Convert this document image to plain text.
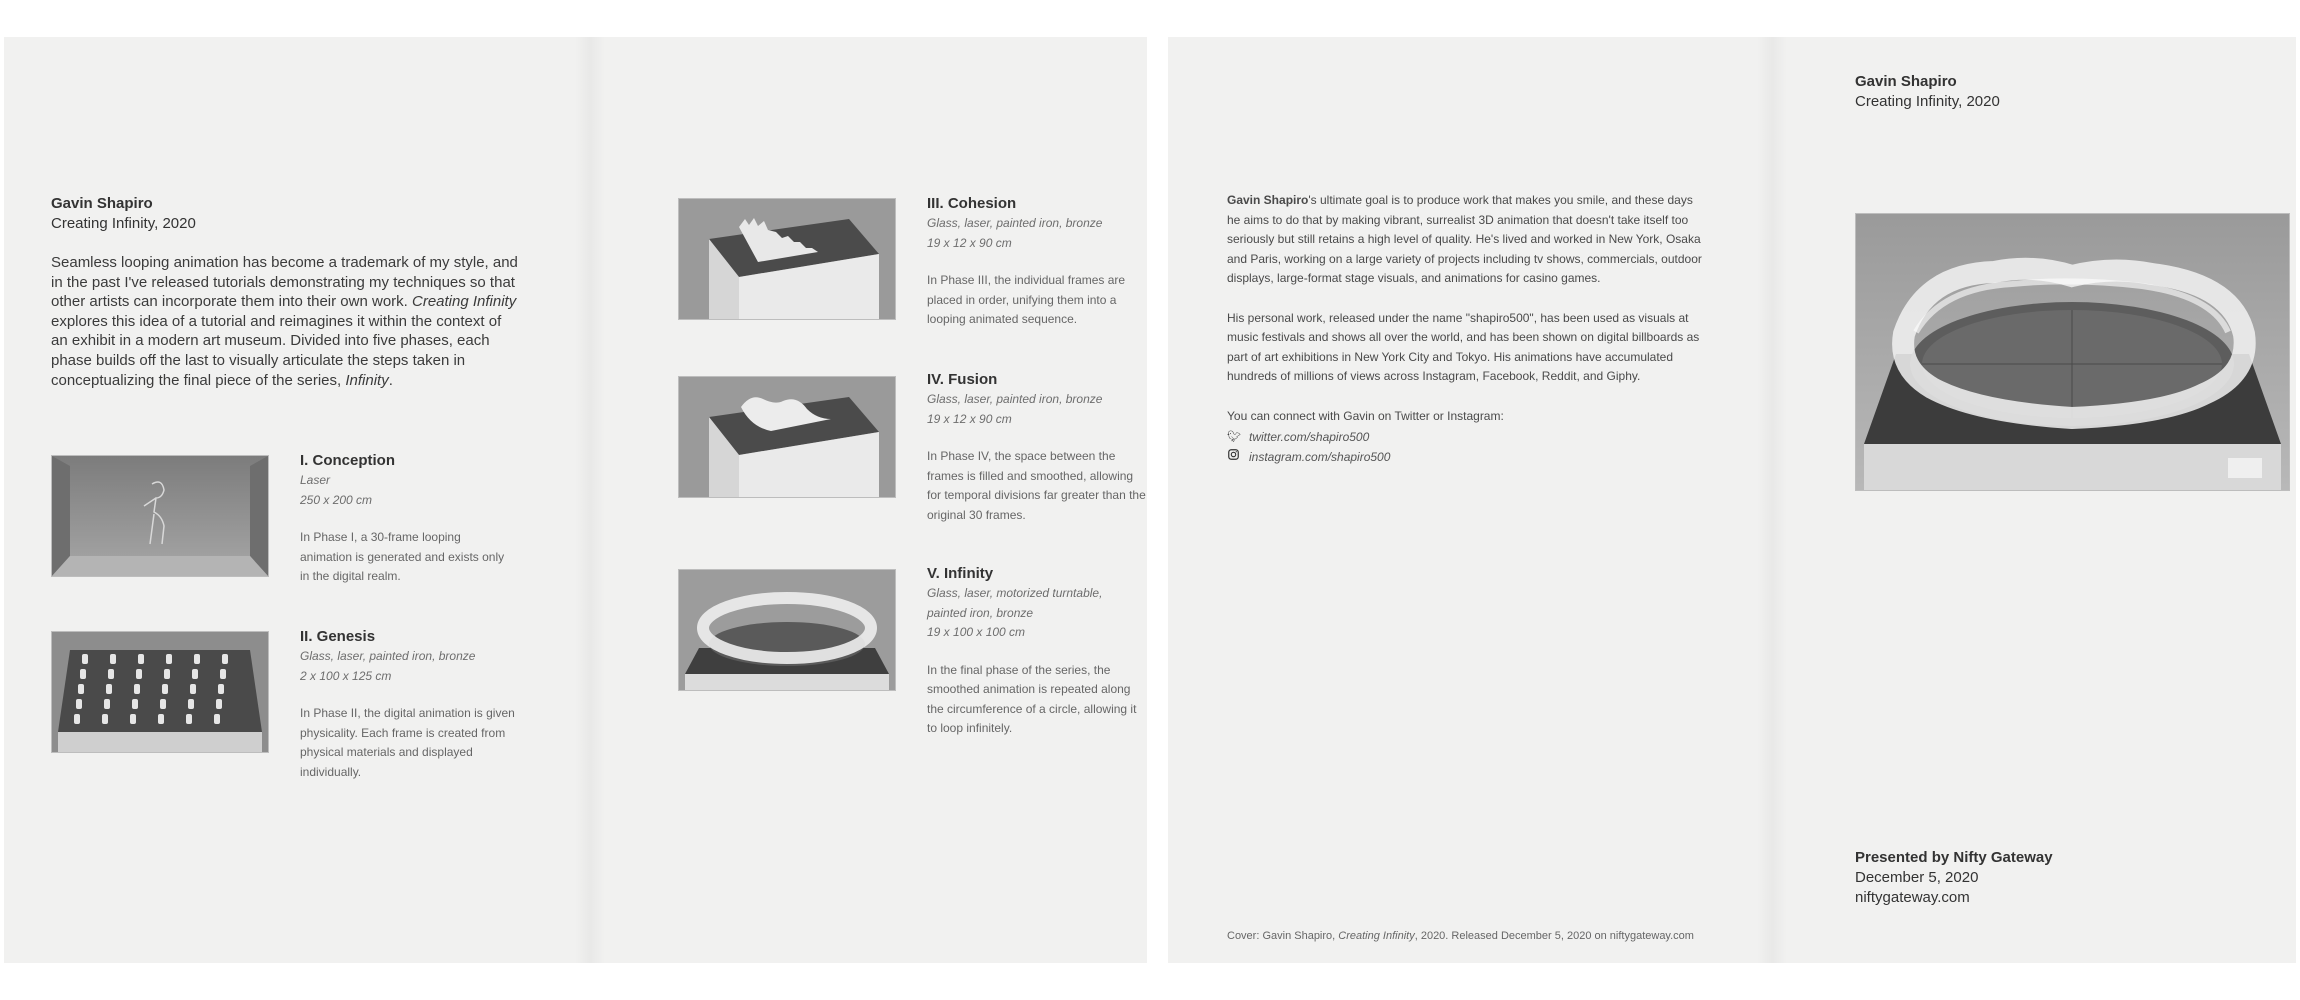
Gavin Shapiro
Creating Infinity, 2020
Seamless looping animation has become a trademark of my style, and in the past I've released tutorials demonstrating my techniques so that other artists can incorporate them into their own work. Creating Infinity explores this idea of a tutorial and reimagines it within the context of an exhibit in a modern art museum. Divided into five phases, each phase builds off the last to visually articulate the steps taken in conceptualizing the final piece of the series, Infinity.
I. Conception
Laser
250 x 200 cm
In Phase I, a 30-frame looping animation is generated and exists only in the digital realm.
II. Genesis
Glass, laser, painted iron, bronze
2 x 100 x 125 cm
In Phase II, the digital animation is given physicality. Each frame is created from physical materials and displayed individually.
III. Cohesion
Glass, laser, painted iron, bronze
19 x 12 x 90 cm
In Phase III, the individual frames are placed in order, unifying them into a looping animated sequence.
IV. Fusion
Glass, laser, painted iron, bronze
19 x 12 x 90 cm
In Phase IV, the space between the frames is filled and smoothed, allowing for temporal divisions far greater than the original 30 frames.
V. Infinity
Glass, laser, motorized turntable,
painted iron, bronze
19 x 100 x 100 cm
In the final phase of the series, the smoothed animation is repeated along the circumference of a circle, allowing it to loop infinitely.

Gavin Shapiro's ultimate goal is to produce work that makes you smile, and these days he aims to do that by making vibrant, surrealist 3D animation that doesn't take itself too seriously but still retains a high level of quality. He's lived and worked in New York, Osaka and Paris, working on a large variety of projects including tv shows, commercials, outdoor displays, large-format stage visuals, and animations for casino games.

His personal work, released under the name "shapiro500", has been used as visuals at music festivals and shows all over the world, and has been shown on digital billboards as part of art exhibitions in New York City and Tokyo. His animations have accumulated hundreds of millions of views across Instagram, Facebook, Reddit, and Giphy.

You can connect with Gavin on Twitter or Instagram:

🐦︎ twitter.com/shapiro500
instagram.com/shapiro500
Cover: Gavin Shapiro, Creating Infinity, 2020. Released December 5, 2020 on niftygateway.com
Gavin Shapiro
Creating Infinity, 2020
Presented by Nifty Gateway
December 5, 2020
niftygateway.com
